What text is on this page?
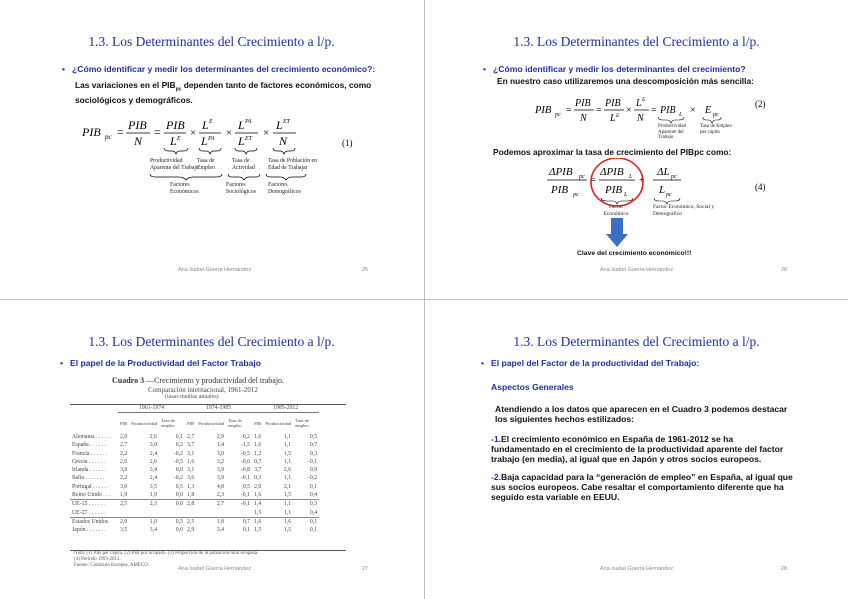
1.3. Los Determinantes del Crecimiento a l/p.
• ¿Cómo identificar y medir los determinantes del crecimiento económico?:
Las variaciones en el $PIB_{pc}$ dependen tanto de factores económicos, como
sociológicos y demográficos.
PIB pc = PIB
N
= PIB
L E ×
L E
L PA ×
L PA
L ET ×
L ET
N
Productividad Aparente del Trabajo
Tasa de Empleo
Tasa de Actividad
Tasa de Población en Edad de Trabajar
Factores Económicos
Factores Sociológicos
Factores Demográficos
(1)
Ana Isabel Guerra Hernández	25
1.3. Los Determinantes del Crecimiento a l/p.
• ¿Cómo identificar y medir los determinantes del crecimiento?
En nuestro caso utilizaremos una descomposición más sencilla:
PIB pc =
PIB
N
=
PIB
L E ×
L E
N
= PIB L × E pc
Productividad Aparente del Trabajo
Tasa de Empleo per cápita
(2)
Podemos aproximar la tasa de crecimiento del PIBpc como:
ΔPIB pc
PIB pc
=
ΔPIB L
PIB L
+
ΔL pc
L pc
Factor Económico
Factor Económico, Social y Demográfico
(4)
Clave del crecimiento económico!!!
Ana Isabel Guerra Hernández	26
1.3. Los Determinantes del Crecimiento a l/p.
• El papel de la Productividad del Factor Trabajo
Cuadro 3 —Crecimiento y productividad del trabajo.
Comparación internacional, 1961-2012
(tasas medias anuales)
	1961-1974			1974-1985			1985-2012		
	PIB	Productividad	Tasa de empleo	PIB	Productividad	Tasa de empleo	PIB	Productividad	Tasa de empleo
Alemania . . . . .	2,0	2,6	0,1	2,7	2,9	-0,2	1,6	1,1	0,5
España . . . . . .	2,7	3,0	0,2	3,7	1,4	-1,5	1,6	1,1	0,7
Francia . . . . . .	2,2	2,4	-0,2	3,1	3,0	-0,5	1,2	1,5	0,3
Grecia . . . . . .	2,0	2,6	-0,5	1,6	3,2	-0,6	0,7	1,1	-0,1
Irlanda . . . . . .	3,0	3,4	0,0	3,1	3,9	-0,8	3,7	2,6	0,9
Italia . . . . . . .	2,2	2,4	-0,2	3,6	3,9	-0,1	0,3	1,1	-0,2
Portugal . . . . .	3,0	3,5	0,5	1,3	4,8	0,5	2,0	2,1	0,1
Reino Unido . . .	1,9	1,9	0,0	1,8	2,3	-0,1	1,6	1,5	0,4
UE-15 . . . . . .	2,5	2,3	0,0	2,8	2,7	-0,1	1,4	1,1	0,3
UE-27 . . . . . .							1,5	1,1	0,4
Estados Unidos	2,0	1,0	0,5	2,5	1,8	0,7	1,6	1,6	0,1
Japón . . . . . . .	3,5	3,4	0,0	2,9	3,4	0,1	1,5	1,5	0,1
Nota: (1) PIB per cápita. (2) PIB por ocupado. (3) Proporción de la población total ocupada.
(4) Período 1993-2012.
Fuente: Comisión Europea, AMECO.
Ana Isabel Guerra Hernández	27
1.3. Los Determinantes del Crecimiento a l/p.
• El papel del Factor de la productividad del Trabajo:
Aspectos Generales
Atendiendo a los datos que aparecen en el Cuadro 3 podemos destacar
los siguientes hechos estilizados:
-1.El crecimiento económico en España de 1961-2012 se ha
fundamentado en el crecimiento de la productividad aparente del factor
trabajo (en media), al igual que en Japón y otros socios europeos.
-2.Baja capacidad para la “generación de empleo” en España, al igual que
sus socios europeos. Cabe resaltar el comportamiento diferente que ha
seguido esta variable en EEUU.
Ana Isabel Guerra Hernández	28
